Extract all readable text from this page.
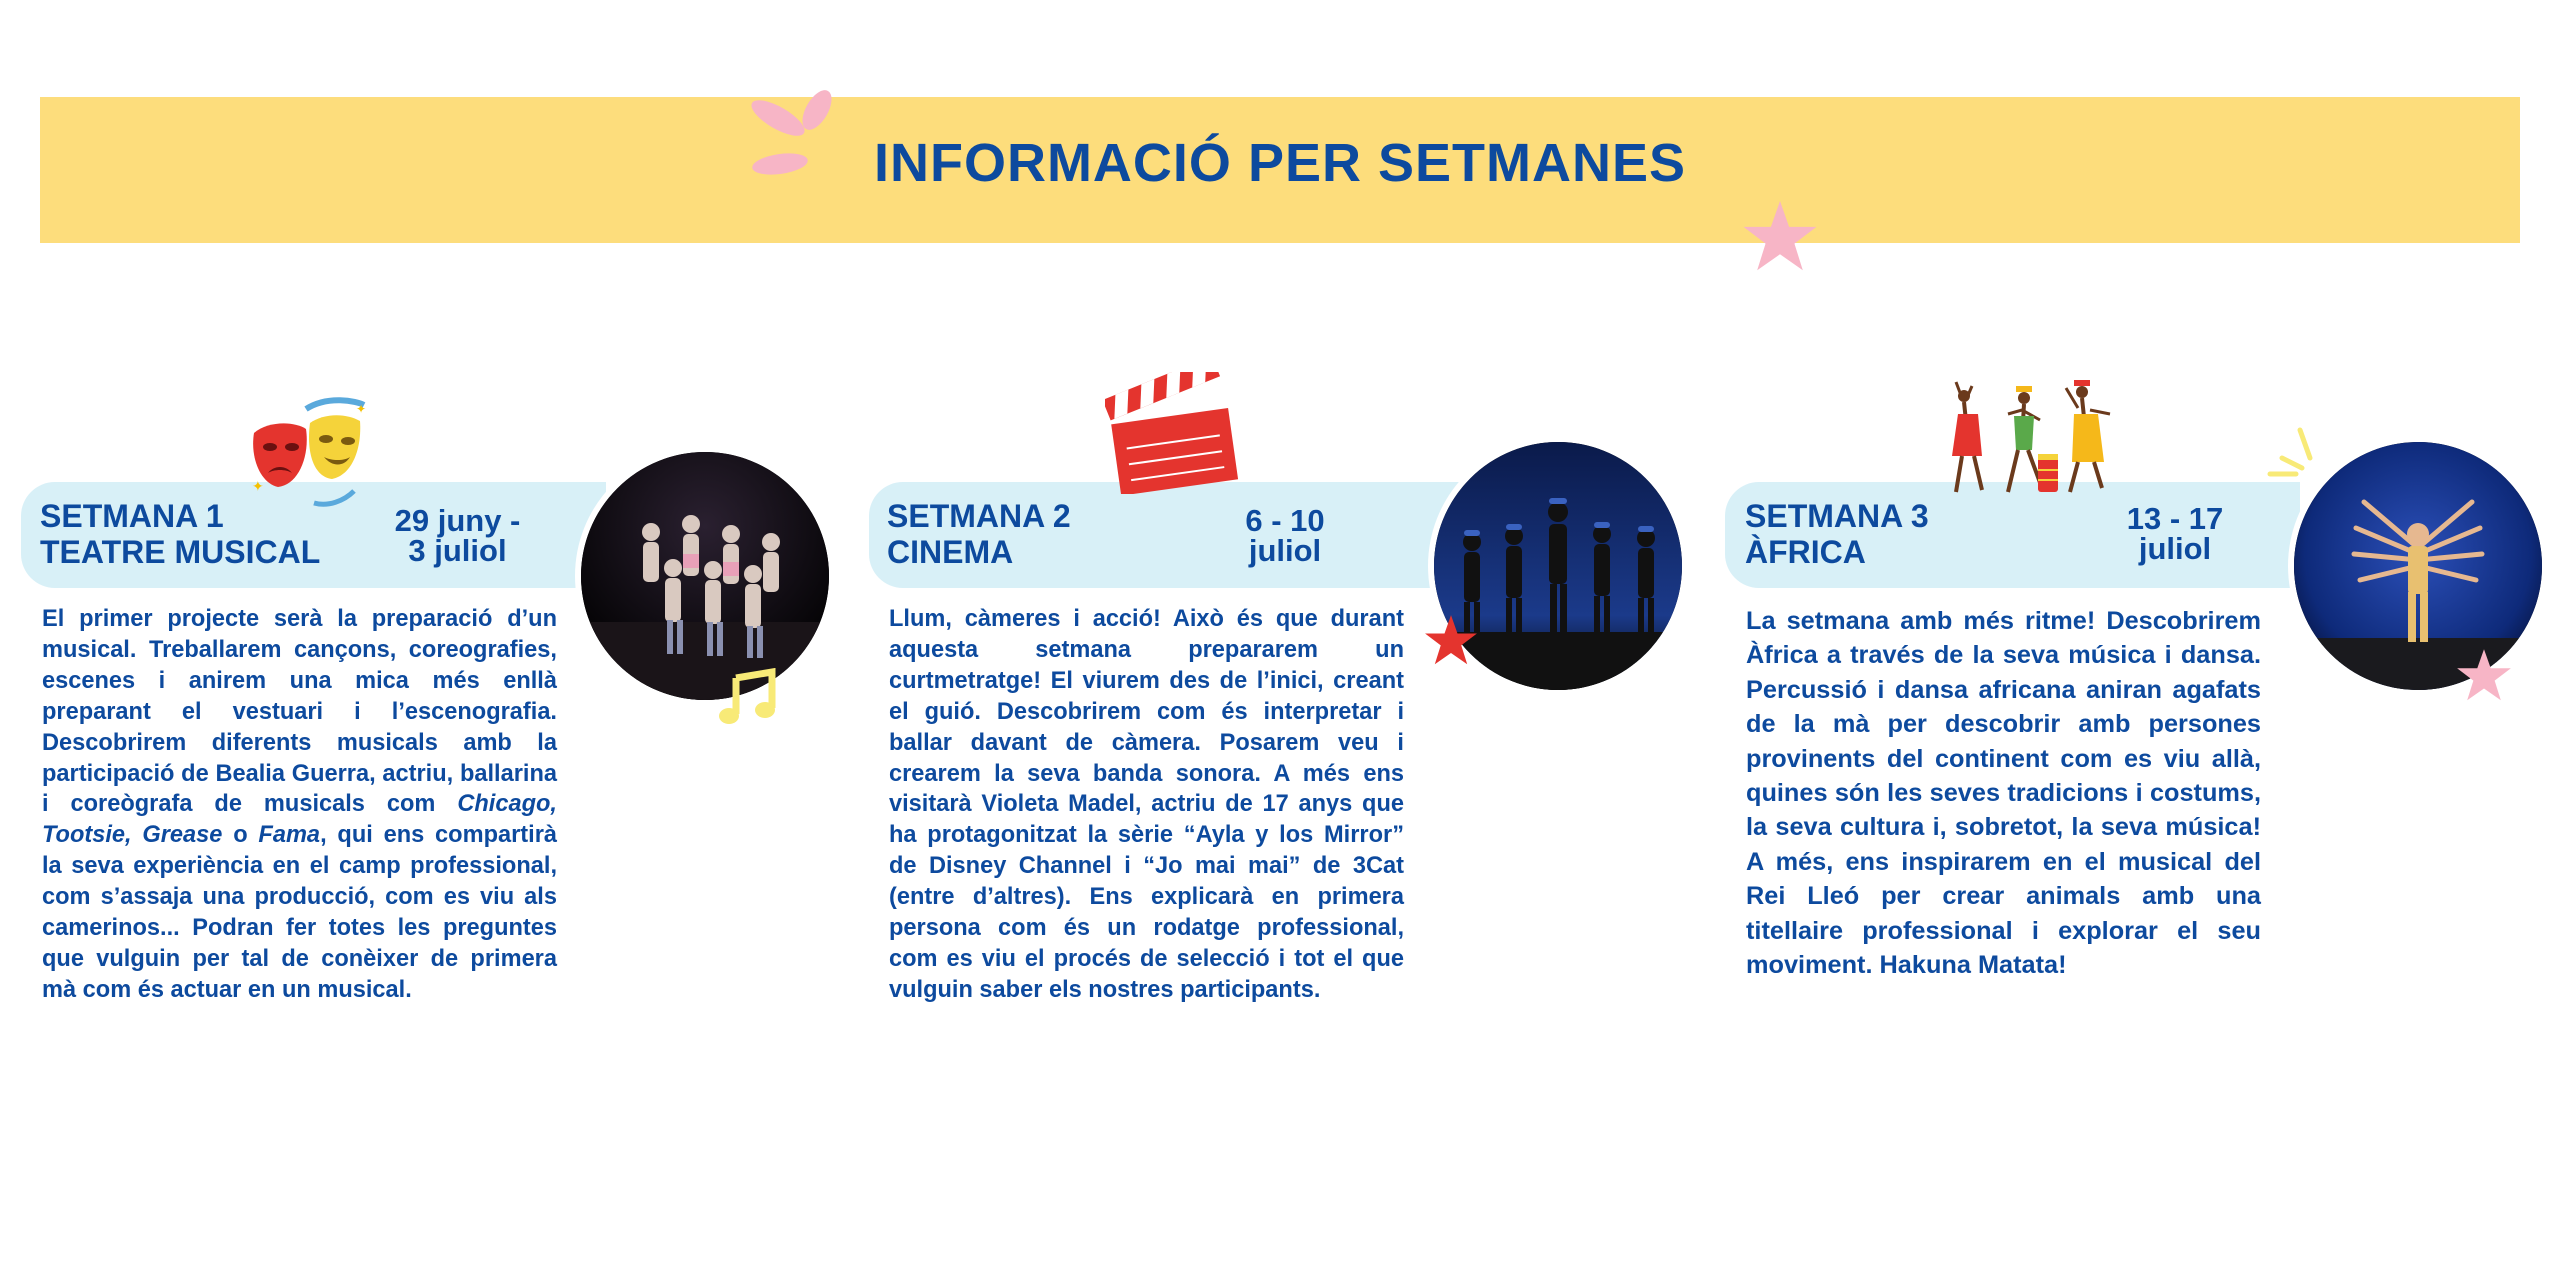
INFORMACIÓ PER SETMANES
SETMANA 1
TEATRE MUSICAL
29 juny -
3 juliol
✦
✦
El primer projecte serà la preparació d’un musical. Treballarem cançons, coreografies, escenes i anirem una mica més enllà preparant el vestuari i l’escenografia. Descobrirem diferents musicals amb la participació de Bealia Guerra, actriu, ballarina i coreògrafa de musicals com Chicago, Tootsie, Grease o Fama, qui ens compartirà la seva experiència en el camp professional, com s’assaja una producció, com es viu als camerinos... Podran fer totes les preguntes que vulguin per tal de conèixer de primera mà com és actuar en un musical.
SETMANA 2
CINEMA
6 - 10
juliol
Llum, càmeres i acció! Això és que durant aquesta setmana prepararem un curtmetratge! El viurem des de l’inici, creant el guió. Descobrirem com és interpretar i ballar davant de càmera. Posarem veu i crearem la seva banda sonora. A més ens visitarà Violeta Madel, actriu de 17 anys que ha protagonitzat la sèrie “Ayla y los Mirror” de Disney Channel i “Jo mai mai” de 3Cat (entre d’altres). Ens explicarà en primera persona com és un rodatge professional, com es viu el procés de selecció i tot el que vulguin saber els nostres participants.
SETMANA 3
ÀFRICA
13 - 17
juliol
La setmana amb més ritme! Descobrirem Àfrica a través de la seva música i dansa. Percussió i dansa africana aniran agafats de la mà per descobrir amb persones provinents del continent com es viu allà, quines són les seves tradicions i costums, la seva cultura i, sobretot, la seva música! A més, ens inspirarem en el musical del Rei Lleó per crear animals amb una titellaire professional i explorar el seu moviment. Hakuna Matata!
